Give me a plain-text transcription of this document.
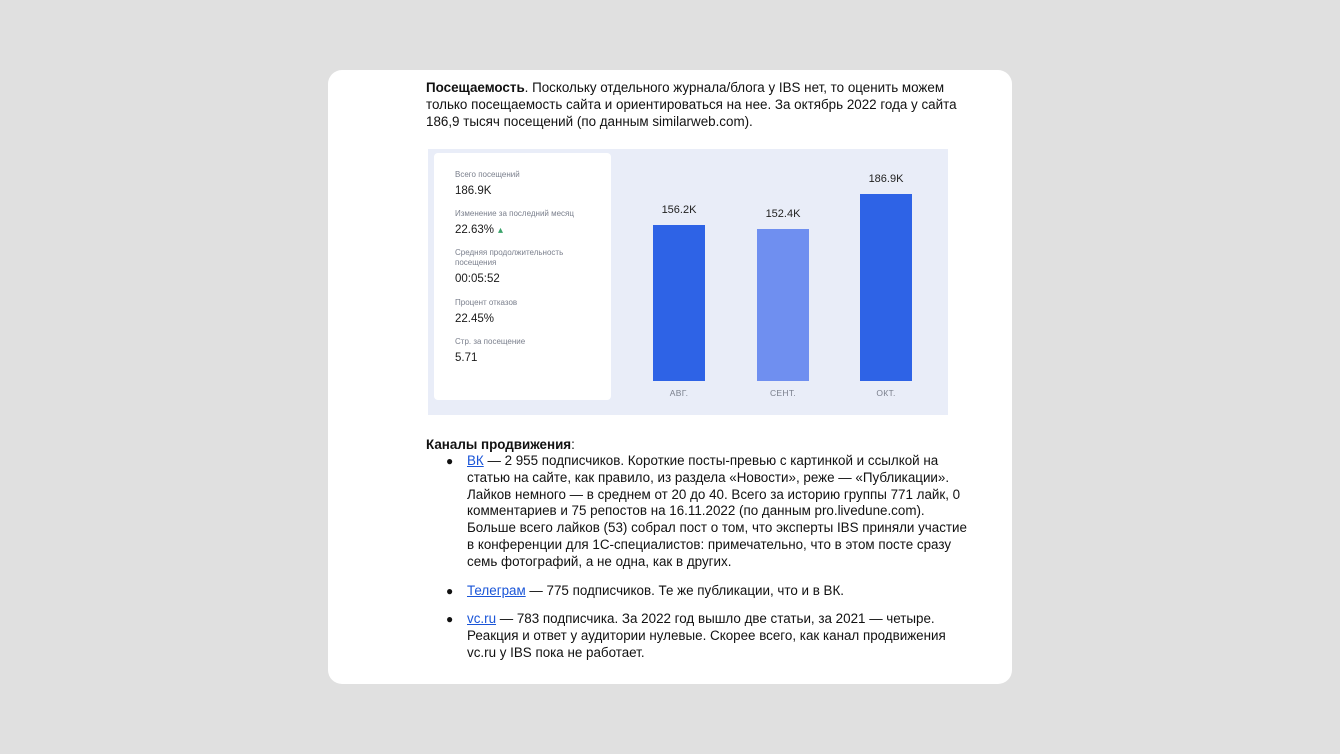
Посещаемость. Поскольку отдельного журнала/блога у IBS нет, то оценить можем только посещаемость сайта и ориентироваться на нее. За октябрь 2022 года у сайта 186,9 тысяч посещений (по данным similarweb.com).

Всего посещений
186.9K
Изменение за последний месяц
22.63% ▴
Средняя продолжительность посещения
00:05:52
Процент отказов
22.45%
Стр. за посещение
5.71
156.2K
АВГ.
152.4K
СЕНТ.
186.9K
ОКТ.

Каналы продвижения:

● ВК — 2 955 подписчиков. Короткие посты-превью с картинкой и ссылкой на статью на сайте, как правило, из раздела «Новости», реже — «Публикации». Лайков немного — в среднем от 20 до 40. Всего за историю группы 771 лайк, 0 комментариев и 75 репостов на 16.11.2022 (по данным pro.livedune.com). Больше всего лайков (53) собрал пост о том, что эксперты IBS приняли участие в конференции для 1С-специалистов: примечательно, что в этом посте сразу семь фотографий, а не одна, как в других.
● Телеграм — 775 подписчиков. Те же публикации, что и в ВК.
● vc.ru — 783 подписчика. За 2022 год вышло две статьи, за 2021 — четыре. Реакция и ответ у аудитории нулевые. Скорее всего, как канал продвижения vc.ru у IBS пока не работает.
